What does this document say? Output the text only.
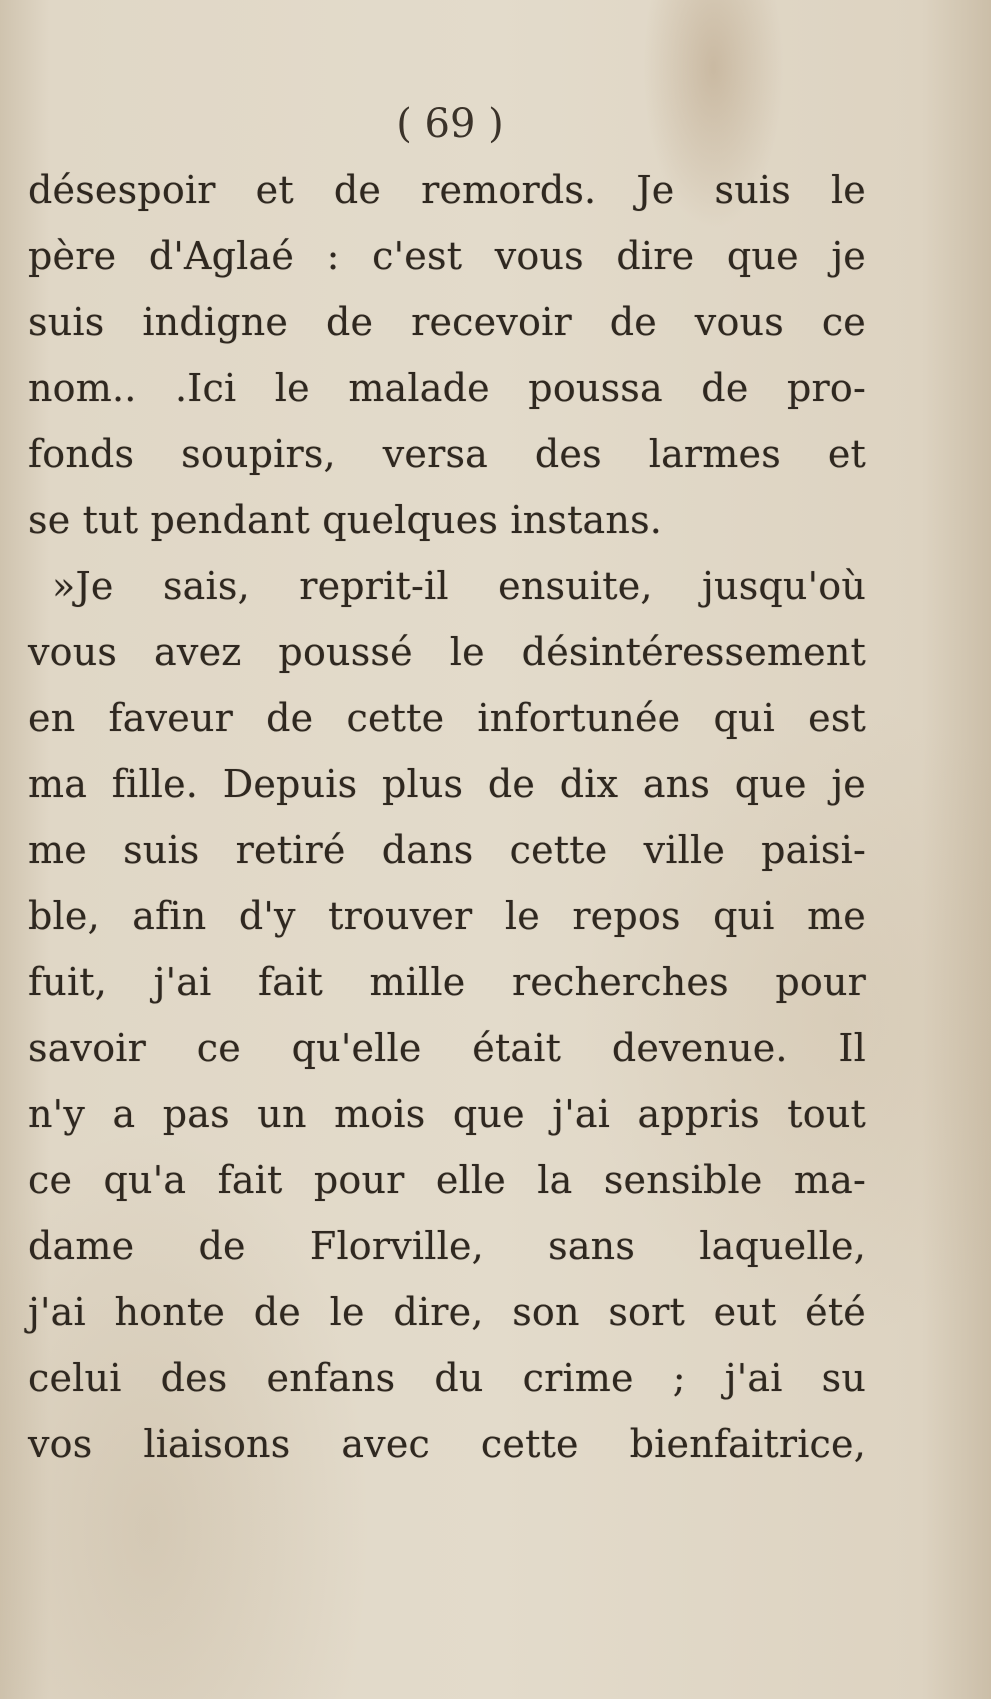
( 69 )
désespoir et de remords. Je suis le
père d'Aglaé : c'est vous dire que je
suis indigne de recevoir de vous ce
nom.. .Ici le malade poussa de pro-
fonds soupirs, versa des larmes et
se tut pendant quelques instans.
»Je sais, reprit-il ensuite, jusqu'où
vous avez poussé le désintéressement
en faveur de cette infortunée qui est
ma fille. Depuis plus de dix ans que je
me suis retiré dans cette ville paisi-
ble, afin d'y trouver le repos qui me
fuit, j'ai fait mille recherches pour
savoir ce qu'elle était devenue. Il
n'y a pas un mois que j'ai appris tout
ce qu'a fait pour elle la sensible ma-
dame de Florville, sans laquelle,
j'ai honte de le dire, son sort eut été
celui des enfans du crime ; j'ai su
vos liaisons avec cette bienfaitrice,
